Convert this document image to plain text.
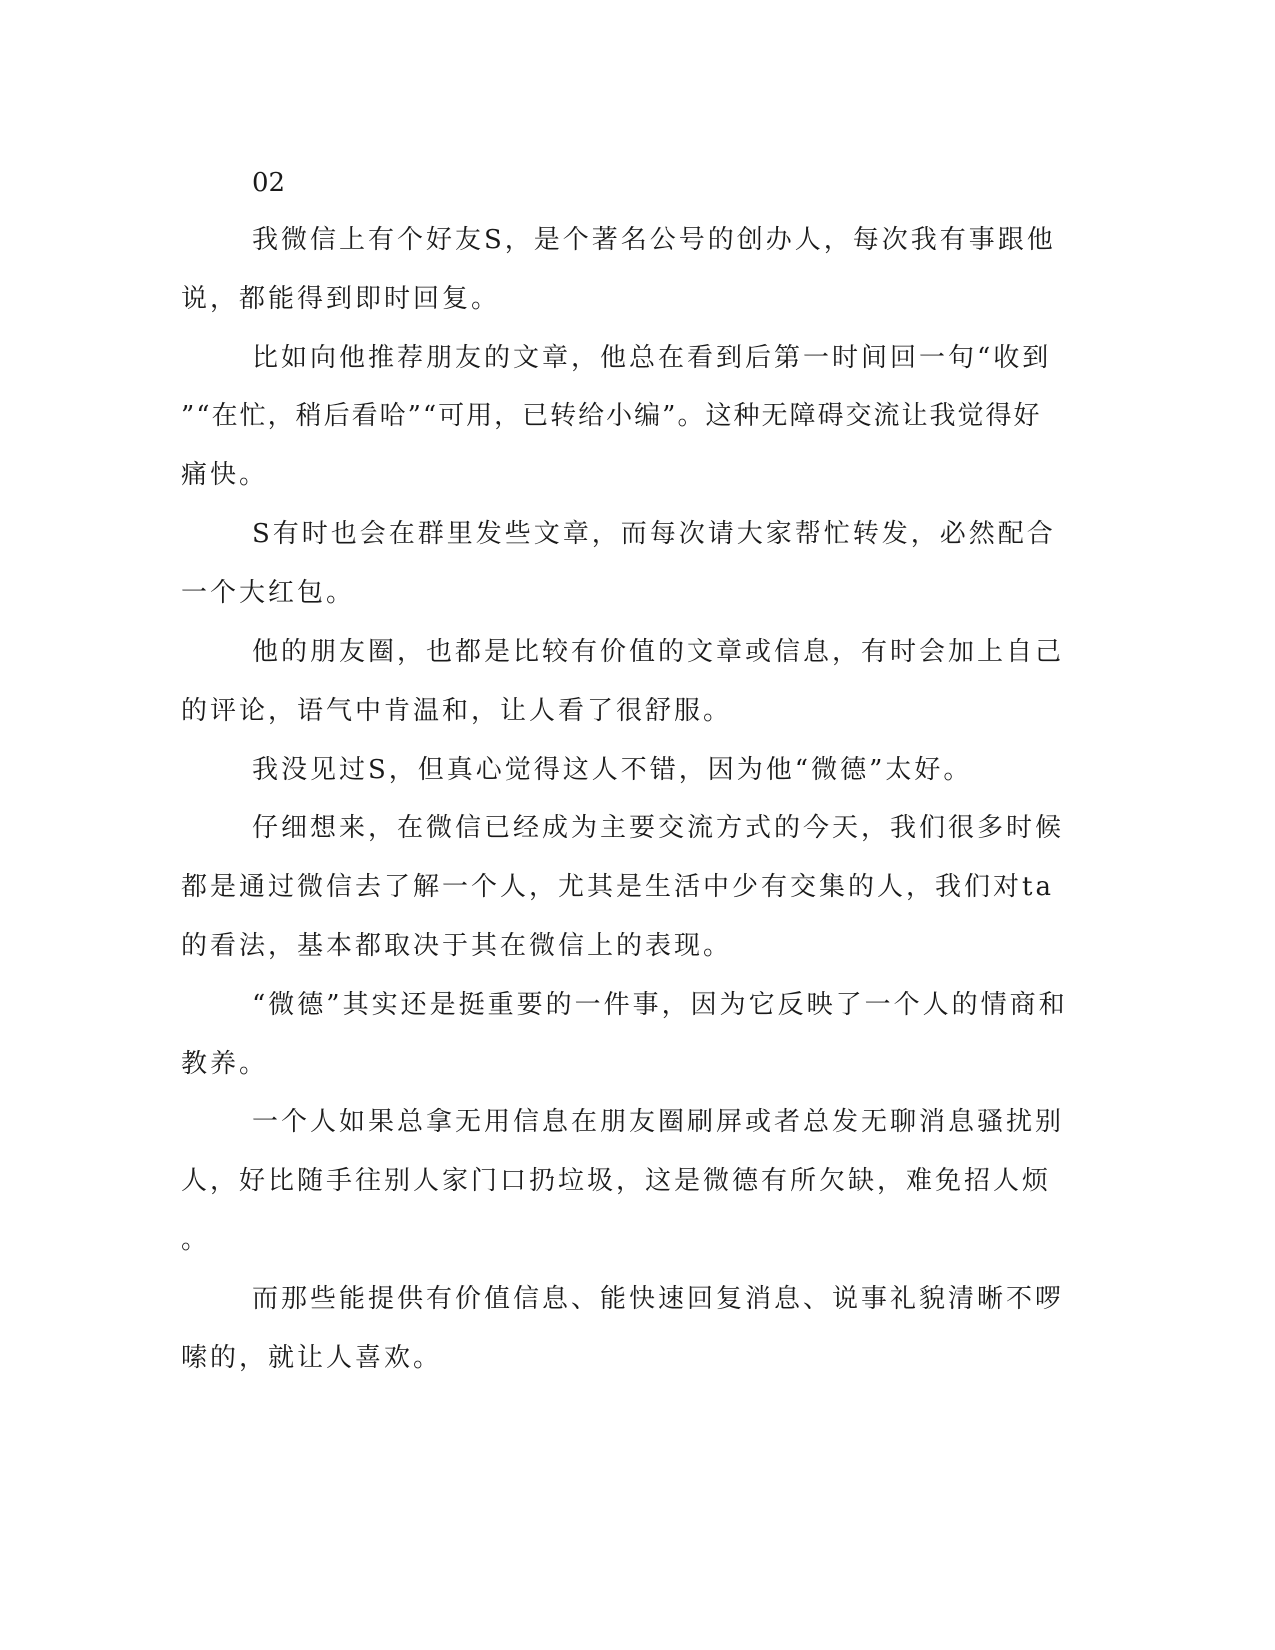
02
我微信上有个好友S，是个著名公号的创办人，每次我有事跟他
说，都能得到即时回复。
比如向他推荐朋友的文章，他总在看到后第一时间回一句“收到
”“在忙，稍后看哈”“可用，已转给小编”。这种无障碍交流让我觉得好
痛快。
S有时也会在群里发些文章，而每次请大家帮忙转发，必然配合
一个大红包。
他的朋友圈，也都是比较有价值的文章或信息，有时会加上自己
的评论，语气中肯温和，让人看了很舒服。
我没见过S，但真心觉得这人不错，因为他“微德”太好。
仔细想来，在微信已经成为主要交流方式的今天，我们很多时候
都是通过微信去了解一个人，尤其是生活中少有交集的人，我们对ta
的看法，基本都取决于其在微信上的表现。
“微德”其实还是挺重要的一件事，因为它反映了一个人的情商和
教养。
一个人如果总拿无用信息在朋友圈刷屏或者总发无聊消息骚扰别
人，好比随手往别人家门口扔垃圾，这是微德有所欠缺，难免招人烦
。
而那些能提供有价值信息、能快速回复消息、说事礼貌清晰不啰
嗦的，就让人喜欢。
